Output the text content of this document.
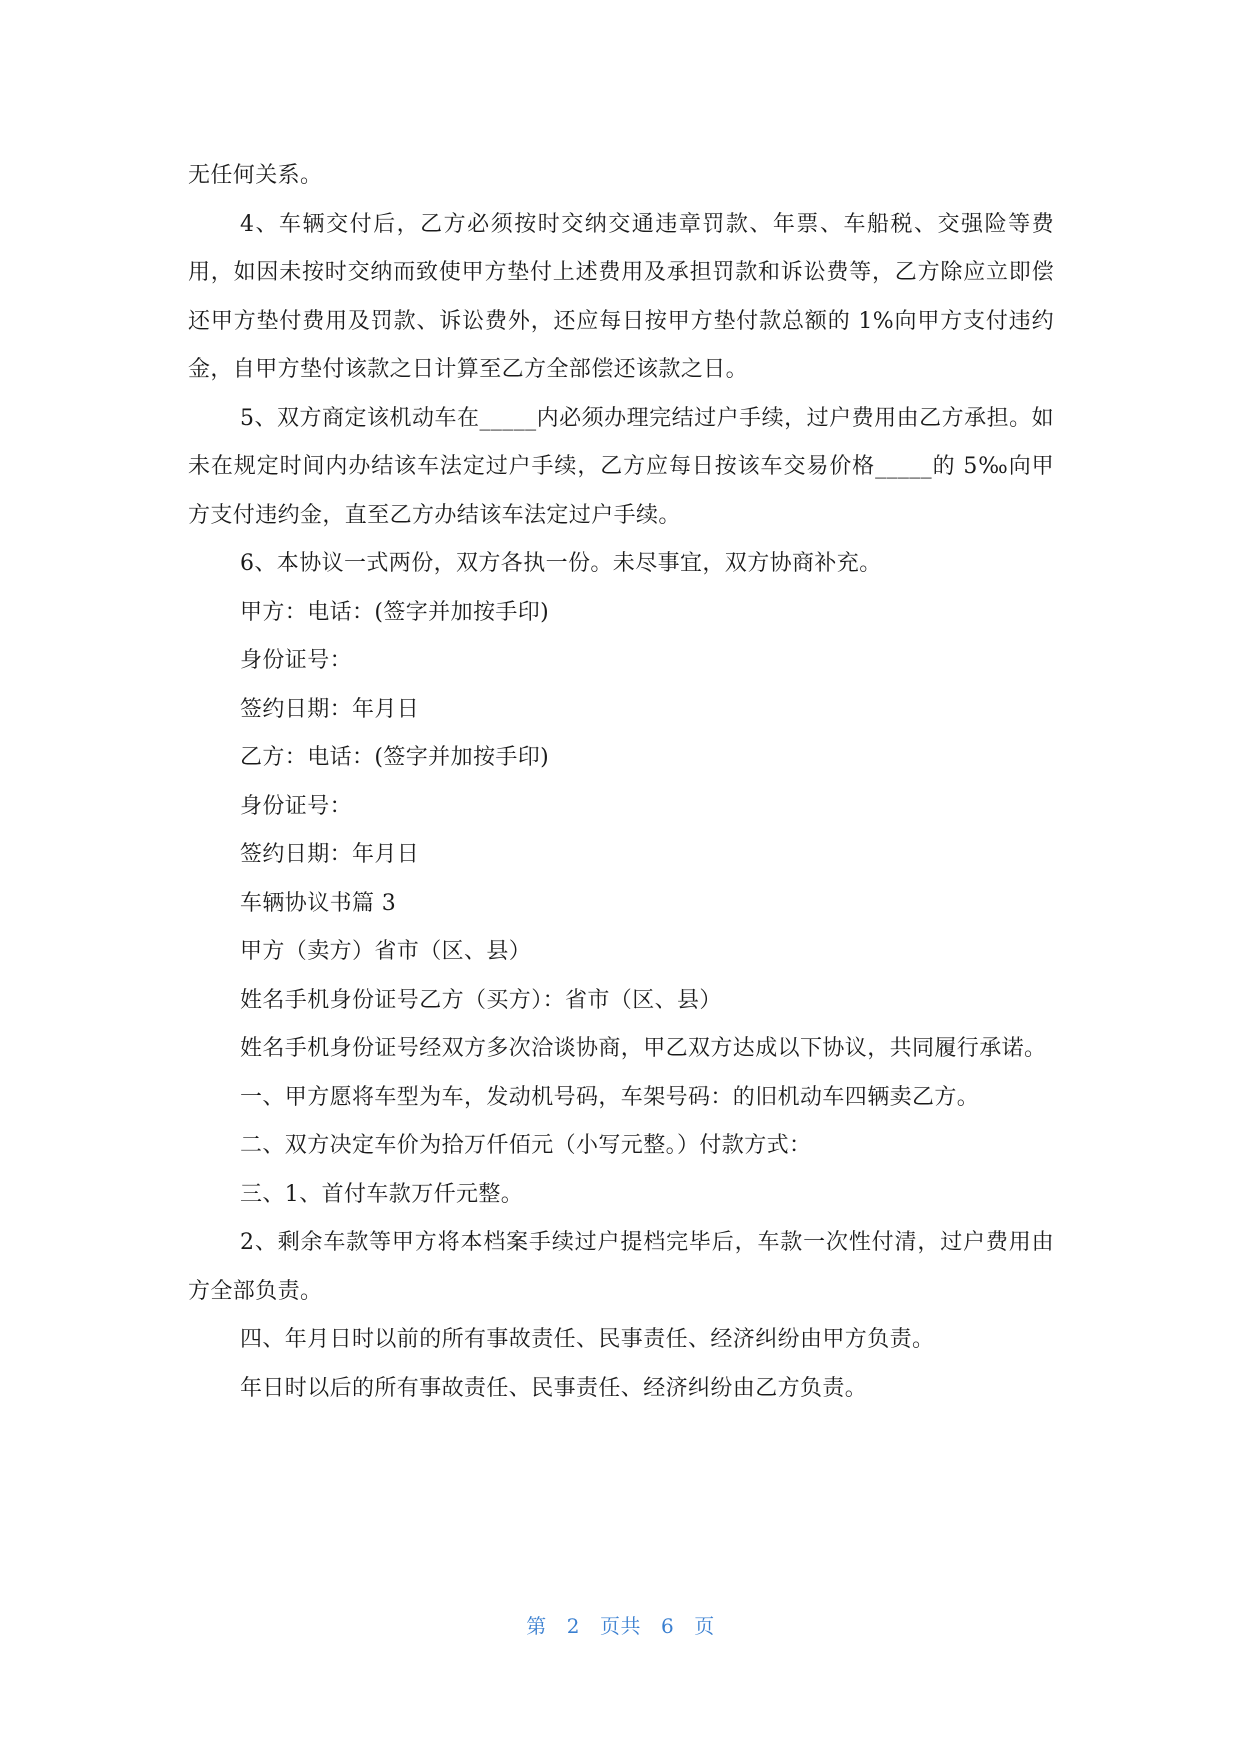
无任何关系。

4、车辆交付后，乙方必须按时交纳交通违章罚款、年票、车船税、交强险等费用，如因未按时交纳而致使甲方垫付上述费用及承担罚款和诉讼费等，乙方除应立即偿还甲方垫付费用及罚款、诉讼费外，还应每日按甲方垫付款总额的 1%向甲方支付违约金，自甲方垫付该款之日计算至乙方全部偿还该款之日。

5、双方商定该机动车在_____内必须办理完结过户手续，过户费用由乙方承担。如未在规定时间内办结该车法定过户手续，乙方应每日按该车交易价格_____的 5‰向甲方支付违约金，直至乙方办结该车法定过户手续。

6、本协议一式两份，双方各执一份。未尽事宜，双方协商补充。

甲方：电话：(签字并加按手印)

身份证号：

签约日期：年月日

乙方：电话：(签字并加按手印)

身份证号：

签约日期：年月日

车辆协议书篇 3

甲方（卖方）省市（区、县）

姓名手机身份证号乙方（买方）：省市（区、县）

姓名手机身份证号经双方多次洽谈协商，甲乙双方达成以下协议，共同履行承诺。

一、甲方愿将车型为车，发动机号码，车架号码：的旧机动车四辆卖乙方。

二、双方决定车价为拾万仟佰元（小写元整。）付款方式：

三、1、首付车款万仟元整。

2、剩余车款等甲方将本档案手续过户提档完毕后，车款一次性付清，过户费用由方全部负责。

四、年月日时以前的所有事故责任、民事责任、经济纠纷由甲方负责。

年日时以后的所有事故责任、民事责任、经济纠纷由乙方负责。

第 2 页共 6 页
